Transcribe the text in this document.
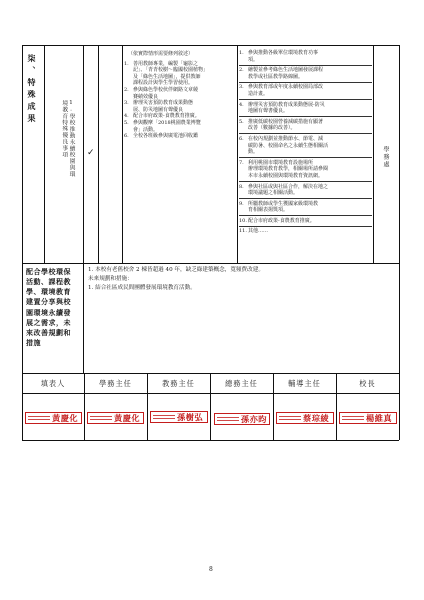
柒、特殊成果
1.學校推動永續校園與環境教育特殊優良事項	✓
（依實際情形需要條列敘述）
1. 善用教師專業，編製「龜影之
記」、「青青校樹～臨國校園植物」
及「綠色生活地圖」，提供教師
課程設計與學生學習使用。
2. 參與綠色學校伙伴網路文章競
賽績效優良
3. 辦理災害預防教育成果動態
展、防災地圖有聲優良
4. 配合市府政策-食農教育推廣。
5. 參與觀摩「2018桃園農業博覽
會」活動。
6. 全校各班級參與廣電池回收鑑
1. 參與推動各級單位環境教育功事
項。
2. 繪製並參考綠色生活地圖發展課程
教學或社區教學路線圖。
3. 參與教育部或年度永續校園局部改
造計畫。
4. 辦理災害預防教育成果動態展-防災
地圖有聲書優良。
5. 推廣低碳校園營養減碳措施有顯著
改善（數據的改善）。
6. 在校內規劃並推動節水、節電、減
碳防暑、校園命名之永續生態相關活
動。
7. 利用桃園市環境教育設施場所
辦理環境教育教學，相關場所請參閱
本市永續校園與環境教育資訊網。
8. 參與社區或與社區合作，解決在地之
環境議題之相關活動。
9. 所屬教師或學生獲國家級環境教
育相關表揚獎項。
10.配合市府政策-食農教育推廣。
11.其他……
學務處
配合學校環保
活動、課程教
學、環境教育
建置分享與校
園環境永續發
展之需求，未
來改善規劃和
措施
1. 本校有老舊校舍 2 棟皆超過 40 年，缺乏綠建築概念，寬頻費改建。
未來規劃和措施：
1. 結合社區成民間團體發展環境教育活動。
填表人	學務主任	教務主任	總務主任	輔導主任	校長
黃慶化	黃慶化	孫樹弘	孫亦昀	蔡琮綾	楊維真
8
